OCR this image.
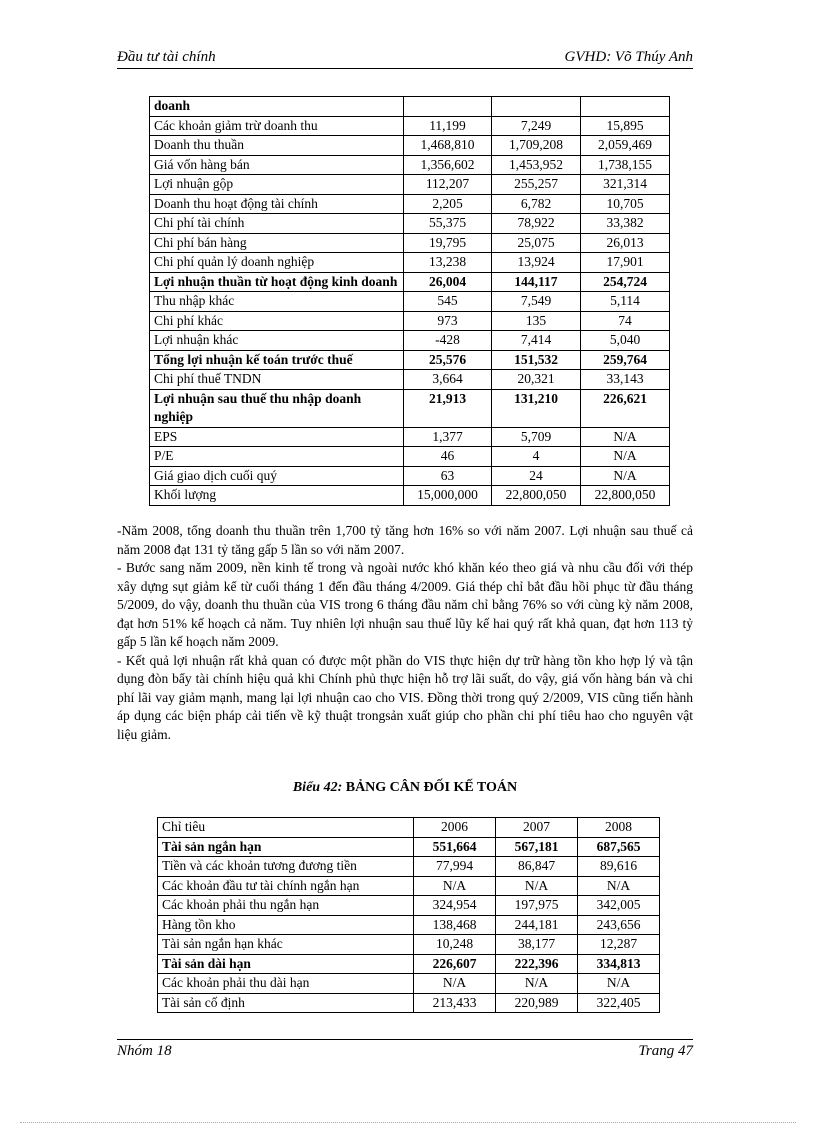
Đầu tư tài chính	GVHD: Võ Thúy Anh
doanh			
Các khoản giảm trừ doanh thu	11,199	7,249	15,895
Doanh thu thuần	1,468,810	1,709,208	2,059,469
Giá vốn hàng bán	1,356,602	1,453,952	1,738,155
Lợi nhuận gộp	112,207	255,257	321,314
Doanh thu hoạt động tài chính	2,205	6,782	10,705
Chi phí tài chính	55,375	78,922	33,382
Chi phí bán hàng	19,795	25,075	26,013
Chi phí quản lý doanh nghiệp	13,238	13,924	17,901
Lợi nhuận thuần từ hoạt động kinh doanh	26,004	144,117	254,724
Thu nhập khác	545	7,549	5,114
Chi phí khác	973	135	74
Lợi nhuận khác	-428	7,414	5,040
Tổng lợi nhuận kế toán trước thuế	25,576	151,532	259,764
Chi phí thuế TNDN	3,664	20,321	33,143
Lợi nhuận sau thuế thu nhập doanh nghiệp	21,913	131,210	226,621
EPS	1,377	5,709	N/A
P/E	46	4	N/A
Giá giao dịch cuối quý	63	24	N/A
Khối lượng	15,000,000	22,800,050	22,800,050

-Năm 2008, tổng doanh thu thuần trên 1,700 tỷ tăng hơn 16% so với năm 2007. Lợi nhuận sau thuế cả năm 2008 đạt 131 tỷ tăng gấp 5 lần so với năm 2007.

- Bước sang năm 2009, nền kinh tế trong và ngoài nước khó khăn kéo theo giá và nhu cầu đối với thép xây dựng sụt giảm kể từ cuối tháng 1 đến đầu tháng 4/2009. Giá thép chỉ bắt đầu hồi phục từ đầu tháng 5/2009, do vậy, doanh thu thuần của VIS trong 6 tháng đầu năm chỉ bằng 76% so với cùng kỳ năm 2008, đạt hơn 51% kế hoạch cả năm. Tuy nhiên lợi nhuận sau thuế lũy kế hai quý rất khả quan, đạt hơn 113 tỷ gấp 5 lần kế hoạch năm 2009.

- Kết quả lợi nhuận rất khả quan có được một phần do VIS thực hiện dự trữ hàng tồn kho hợp lý và tận dụng đòn bẩy tài chính hiệu quả khi Chính phủ thực hiện hỗ trợ lãi suất, do vậy, giá vốn hàng bán và chi phí lãi vay giảm mạnh, mang lại lợi nhuận cao cho VIS. Đồng thời trong quý 2/2009, VIS cũng tiến hành áp dụng các biện pháp cải tiến về kỹ thuật trongsản xuất giúp cho phần chi phí tiêu hao cho nguyên vật liệu giảm.

Biểu 42: BẢNG CÂN ĐỐI KẾ TOÁN
Chỉ tiêu	2006	2007	2008
Tài sản ngắn hạn	551,664	567,181	687,565
Tiền và các khoản tương đương tiền	77,994	86,847	89,616
Các khoản đầu tư tài chính ngắn hạn	N/A	N/A	N/A
Các khoản phải thu ngắn hạn	324,954	197,975	342,005
Hàng tồn kho	138,468	244,181	243,656
Tài sản ngắn hạn khác	10,248	38,177	12,287
Tài sản dài hạn	226,607	222,396	334,813
Các khoản phải thu dài hạn	N/A	N/A	N/A
Tài sản cố định	213,433	220,989	322,405
Nhóm 18	Trang 47
